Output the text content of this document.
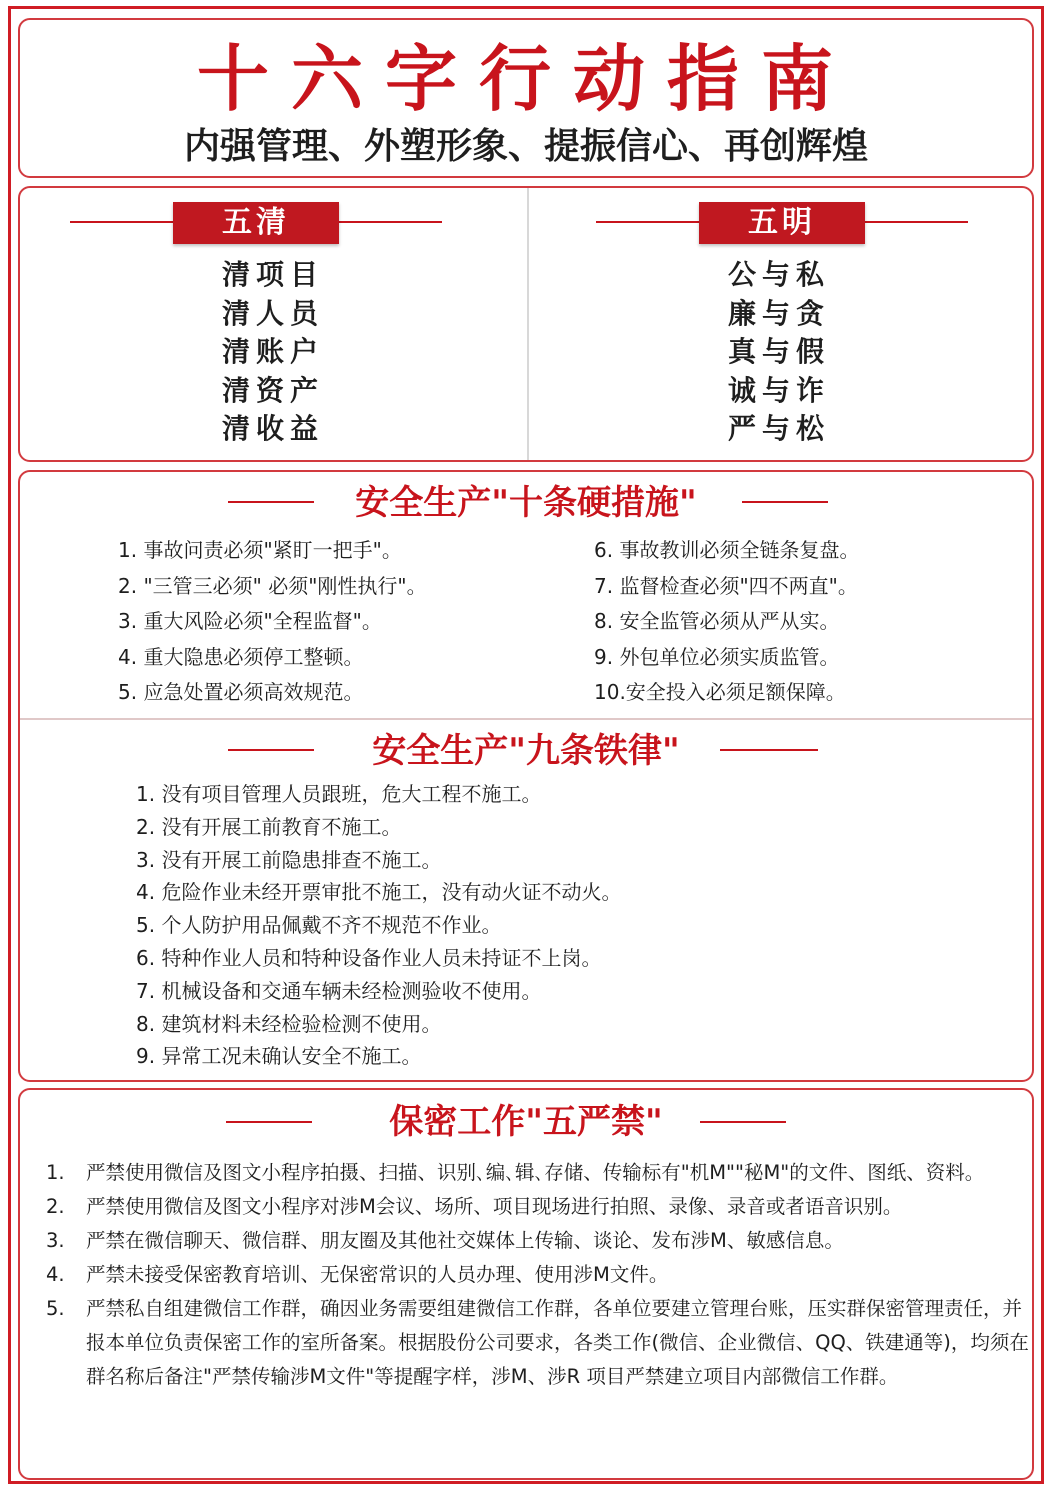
十六字行动指南
内强管理、外塑形象、提振信心、再创辉煌
五清
清项目
清人员
清账户
清资产
清收益
五明
公与私
廉与贪
真与假
诚与诈
严与松
安全生产"十条硬措施"
1. 事故问责必须"紧盯一把手"。
2. "三管三必须" 必须"刚性执行"。
3. 重大风险必须"全程监督"。
4. 重大隐患必须停工整顿。
5. 应急处置必须高效规范。
6. 事故教训必须全链条复盘。
7. 监督检查必须"四不两直"。
8. 安全监管必须从严从实。
9. 外包单位必须实质监管。
10.安全投入必须足额保障。
安全生产"九条铁律"
1. 没有项目管理人员跟班，危大工程不施工。
2. 没有开展工前教育不施工。
3. 没有开展工前隐患排查不施工。
4. 危险作业未经开票审批不施工，没有动火证不动火。
5. 个人防护用品佩戴不齐不规范不作业。
6. 特种作业人员和特种设备作业人员未持证不上岗。
7. 机械设备和交通车辆未经检测验收不使用。
8. 建筑材料未经检验检测不使用。
9. 异常工况未确认安全不施工。
保密工作"五严禁"
1.	严禁使用微信及图文小程序拍摄、扫描、识别､编､辑､存储、传输标有"机M""秘M"的文件、图纸、资料。
2.	严禁使用微信及图文小程序对涉M会议、场所、项目现场进行拍照、录像、录音或者语音识别。
3.	严禁在微信聊天、微信群、朋友圈及其他社交媒体上传输、谈论、发布涉M、敏感信息。
4.	严禁未接受保密教育培训、无保密常识的人员办理、使用涉M文件。
5.	严禁私自组建微信工作群，确因业务需要组建微信工作群，各单位要建立管理台账，压实群保密管理责任，并报本单位负责保密工作的室所备案。根据股份公司要求，各类工作(微信、企业微信、QQ、铁建通等)，均须在群名称后备注"严禁传输涉M文件"等提醒字样，涉M、涉R 项目严禁建立项目内部微信工作群。
